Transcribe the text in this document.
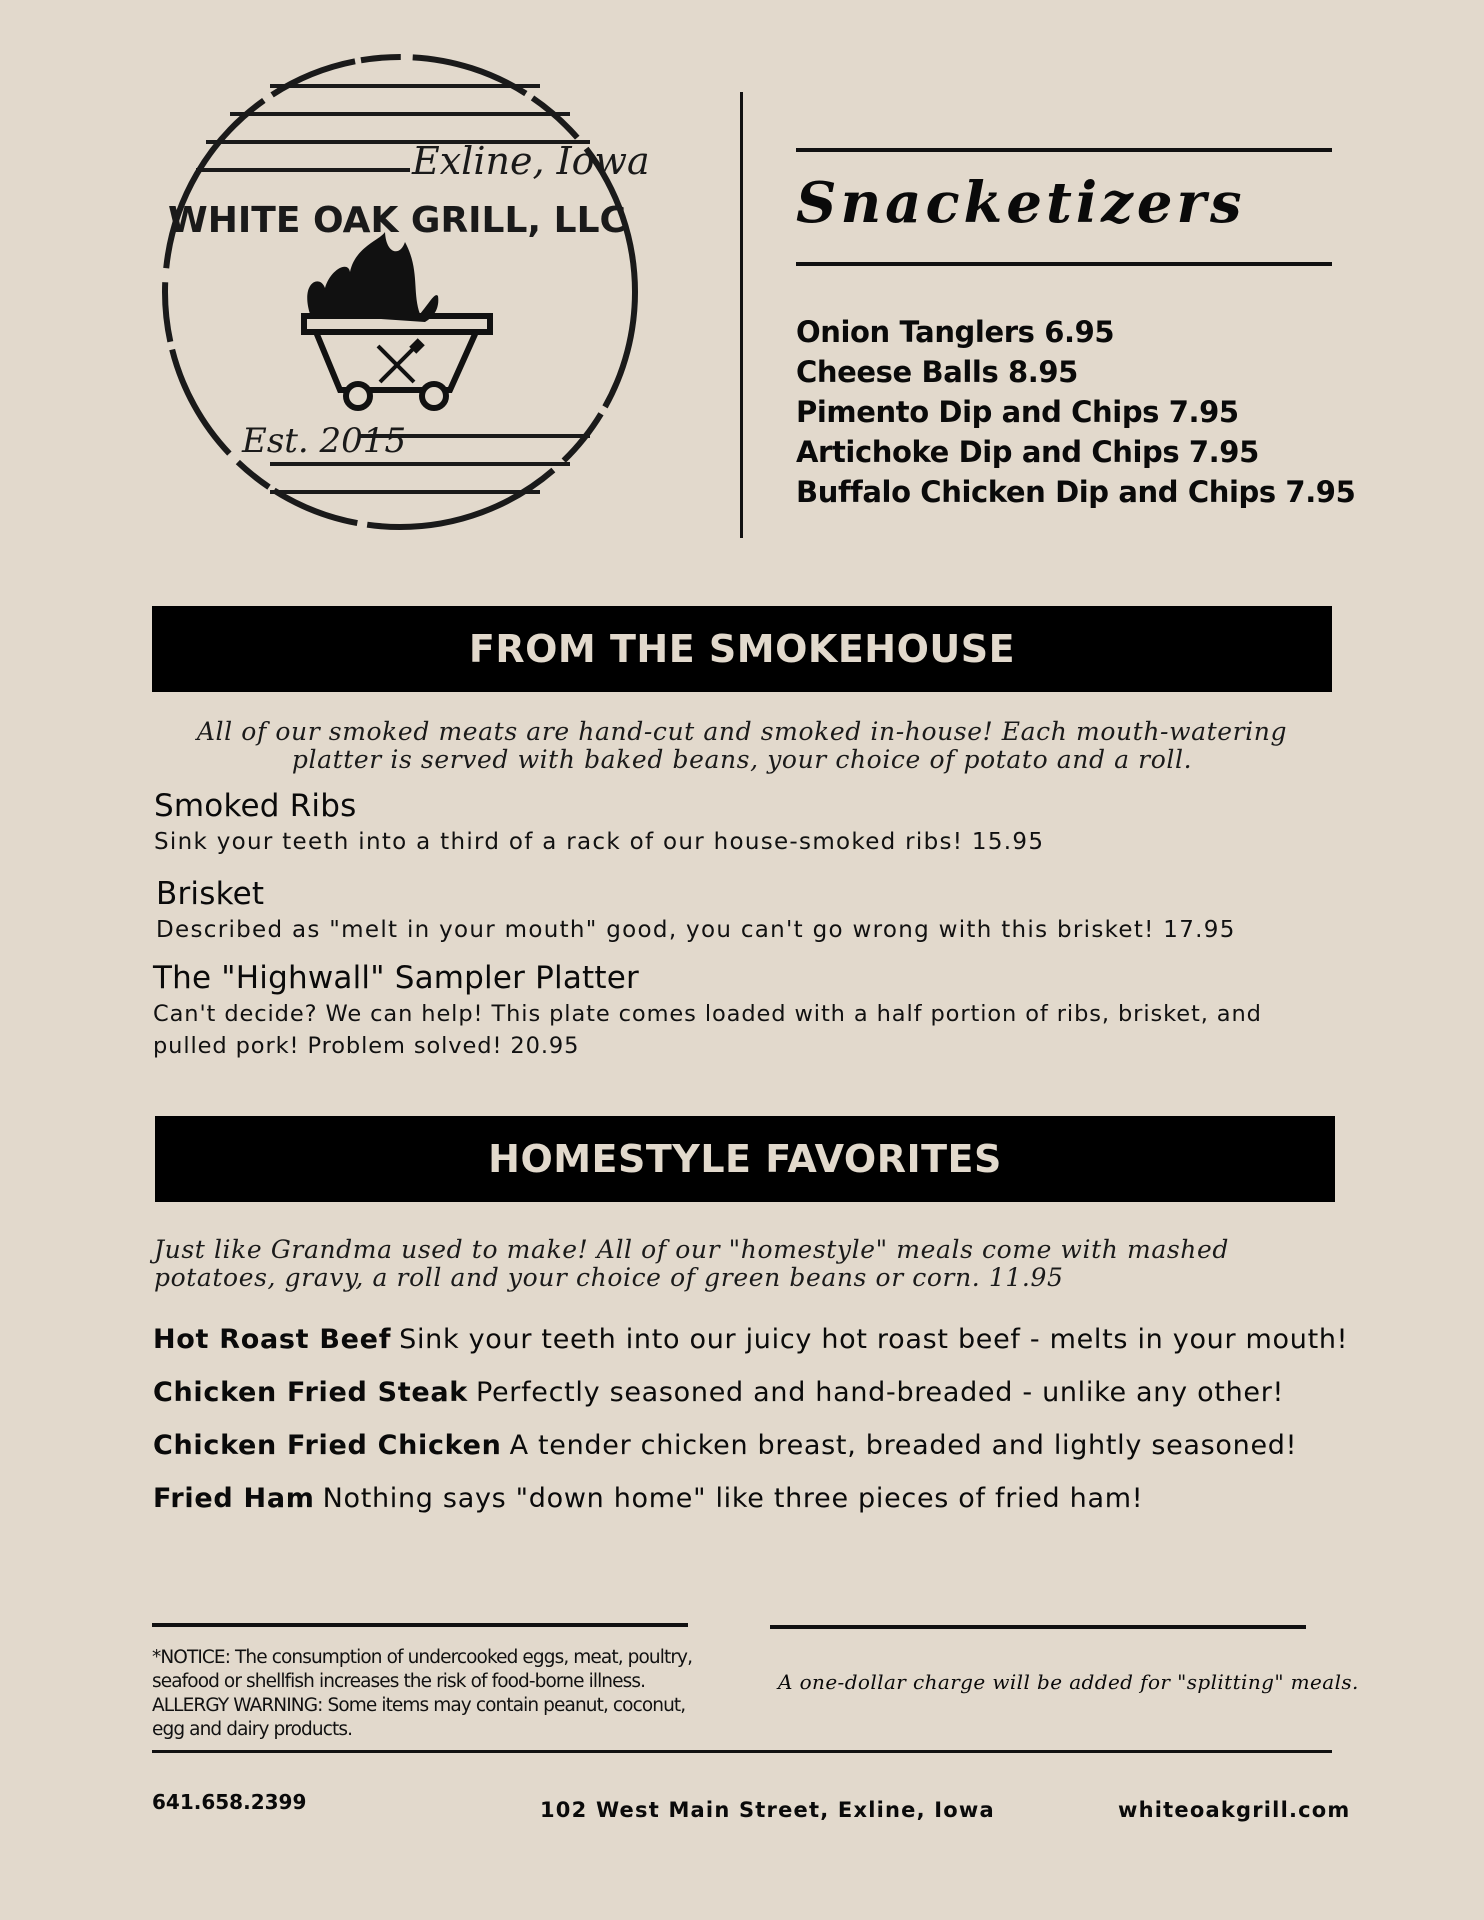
Exline, Iowa
WHITE OAK GRILL, LLC
Est. 2015
Snacketizers
Onion Tanglers 6.95
Cheese Balls 8.95
Pimento Dip and Chips 7.95
Artichoke Dip and Chips 7.95
Buffalo Chicken Dip and Chips 7.95
FROM THE SMOKEHOUSE
All of our smoked meats are hand-cut and smoked in-house! Each mouth-watering
platter is served with baked beans, your choice of potato and a roll.
Smoked Ribs
Sink your teeth into a third of a rack of our house-smoked ribs! 15.95
Brisket
Described as "melt in your mouth" good, you can't go wrong with this brisket! 17.95
The "Highwall" Sampler Platter
Can't decide? We can help! This plate comes loaded with a half portion of ribs, brisket, and
pulled pork! Problem solved! 20.95
HOMESTYLE FAVORITES
Just like Grandma used to make! All of our "homestyle" meals come with mashed
potatoes, gravy, a roll and your choice of green beans or corn. 11.95
Hot Roast Beef Sink your teeth into our juicy hot roast beef - melts in your mouth!
Chicken Fried Steak Perfectly seasoned and hand-breaded - unlike any other!
Chicken Fried Chicken A tender chicken breast, breaded and lightly seasoned!
Fried Ham Nothing says "down home" like three pieces of fried ham!
*NOTICE: The consumption of undercooked eggs, meat, poultry,
seafood or shellfish increases the risk of food-borne illness.
ALLERGY WARNING: Some items may contain peanut, coconut,
egg and dairy products.
A one-dollar charge will be added for "splitting" meals.
641.658.2399	102 West Main Street, Exline, Iowa	whiteoakgrill.com
